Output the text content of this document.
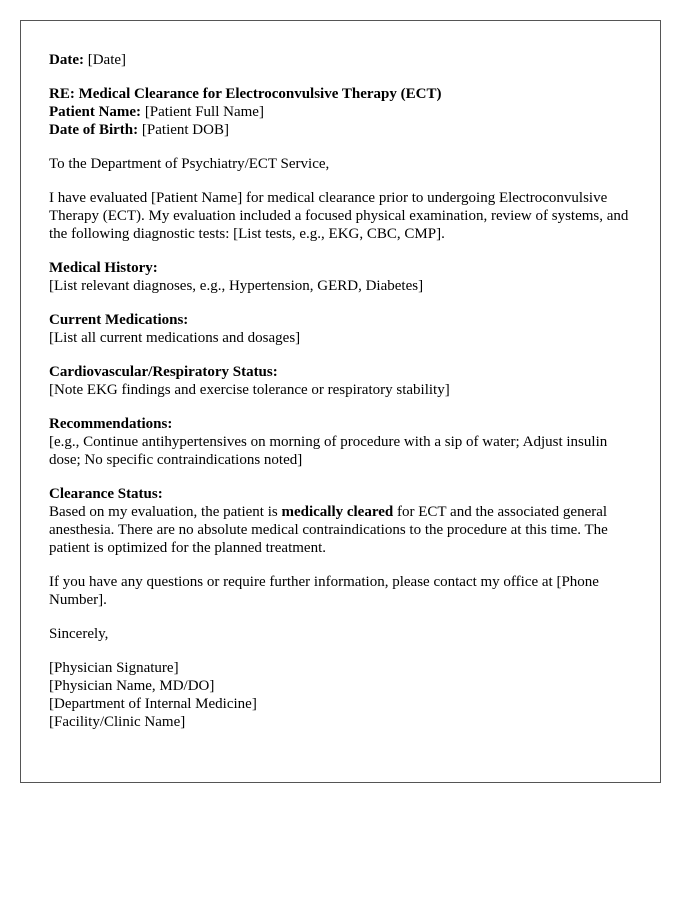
Date: [Date]
RE: Medical Clearance for Electroconvulsive Therapy (ECT)
Patient Name: [Patient Full Name]
Date of Birth: [Patient DOB]

To the Department of Psychiatry/ECT Service,

I have evaluated [Patient Name] for medical clearance prior to undergoing Electroconvulsive Therapy (ECT). My evaluation included a focused physical examination, review of systems, and the following diagnostic tests: [List tests, e.g., EKG, CBC, CMP].

Medical History:
[List relevant diagnoses, e.g., Hypertension, GERD, Diabetes]
Current Medications:
[List all current medications and dosages]
Cardiovascular/Respiratory Status:
[Note EKG findings and exercise tolerance or respiratory stability]
Recommendations:
[e.g., Continue antihypertensives on morning of procedure with a sip of water; Adjust insulin dose; No specific contraindications noted]
Clearance Status:
Based on my evaluation, the patient is medically cleared for ECT and the associated general anesthesia. There are no absolute medical contraindications to the procedure at this time. The patient is optimized for the planned treatment.

If you have any questions or require further information, please contact my office at [Phone Number].

Sincerely,

[Physician Signature]
[Physician Name, MD/DO]
[Department of Internal Medicine]
[Facility/Clinic Name]
